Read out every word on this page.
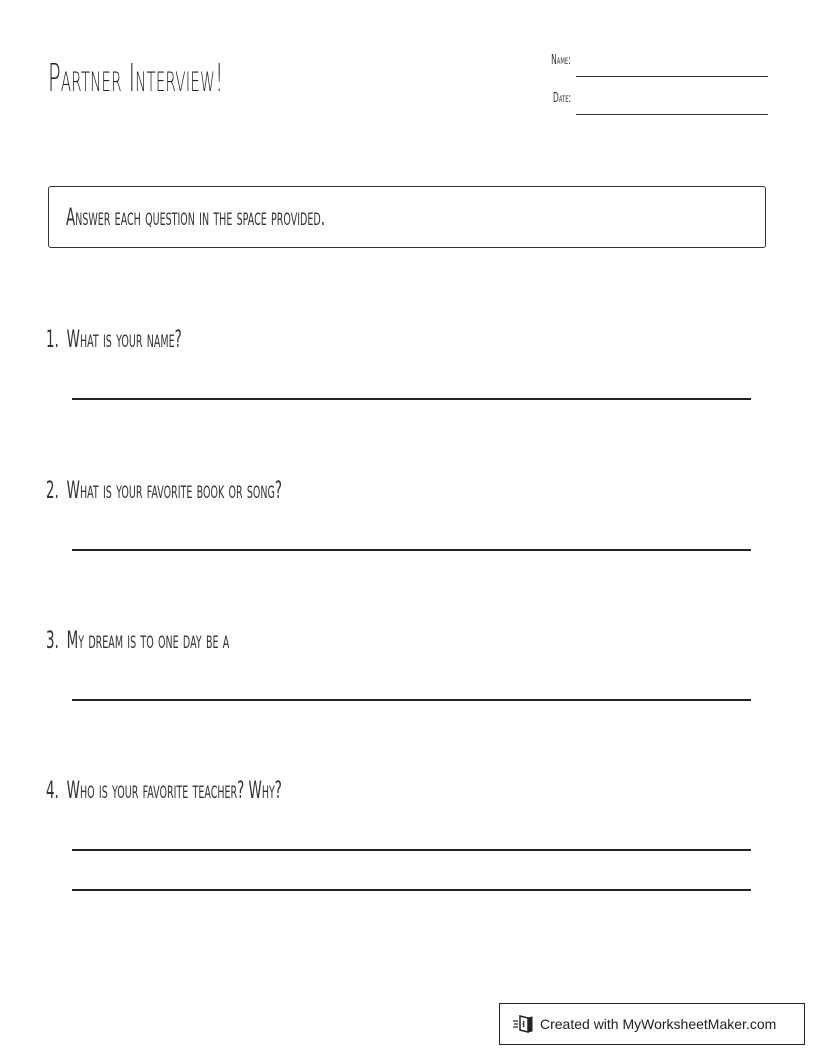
Partner Interview!	Name:
Date:
Answer each question in the space provided.
1. What is your name?
2. What is your favorite book or song?
3. My dream is to one day be a
4. Who is your favorite teacher? Why?
Created with MyWorksheetMaker.com
